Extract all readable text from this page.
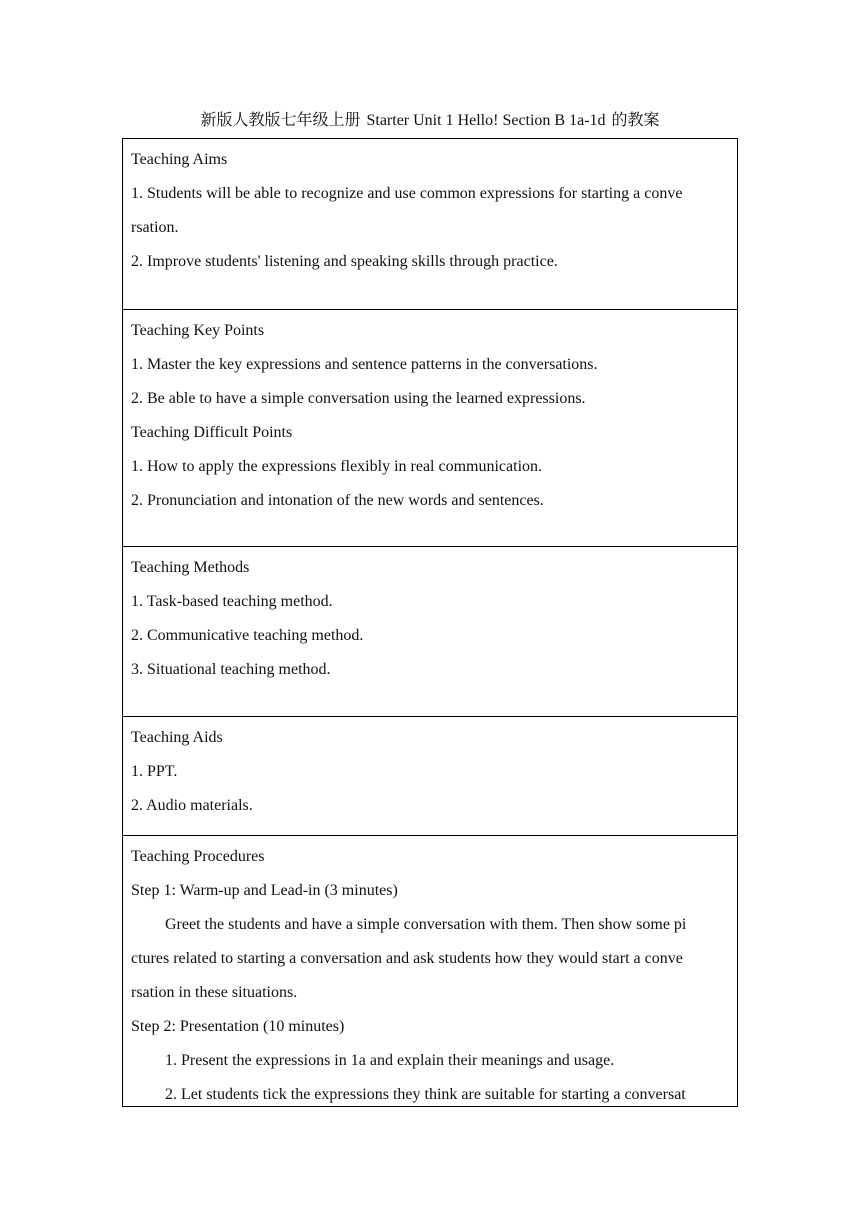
新版人教版七年级上册 Starter Unit 1 Hello! Section B 1a-1d 的教案
Teaching Aims
1. Students will be able to recognize and use common expressions for starting a conve
rsation.
2. Improve students' listening and speaking skills through practice.
Teaching Key Points
1. Master the key expressions and sentence patterns in the conversations.
2. Be able to have a simple conversation using the learned expressions.
Teaching Difficult Points
1. How to apply the expressions flexibly in real communication.
2. Pronunciation and intonation of the new words and sentences.
Teaching Methods
1. Task-based teaching method.
2. Communicative teaching method.
3. Situational teaching method.
Teaching Aids
1. PPT.
2. Audio materials.
Teaching Procedures
Step 1: Warm-up and Lead-in (3 minutes)
Greet the students and have a simple conversation with them. Then show some pi
ctures related to starting a conversation and ask students how they would start a conve
rsation in these situations.
Step 2: Presentation (10 minutes)
1. Present the expressions in 1a and explain their meanings and usage.
2. Let students tick the expressions they think are suitable for starting a conversat
